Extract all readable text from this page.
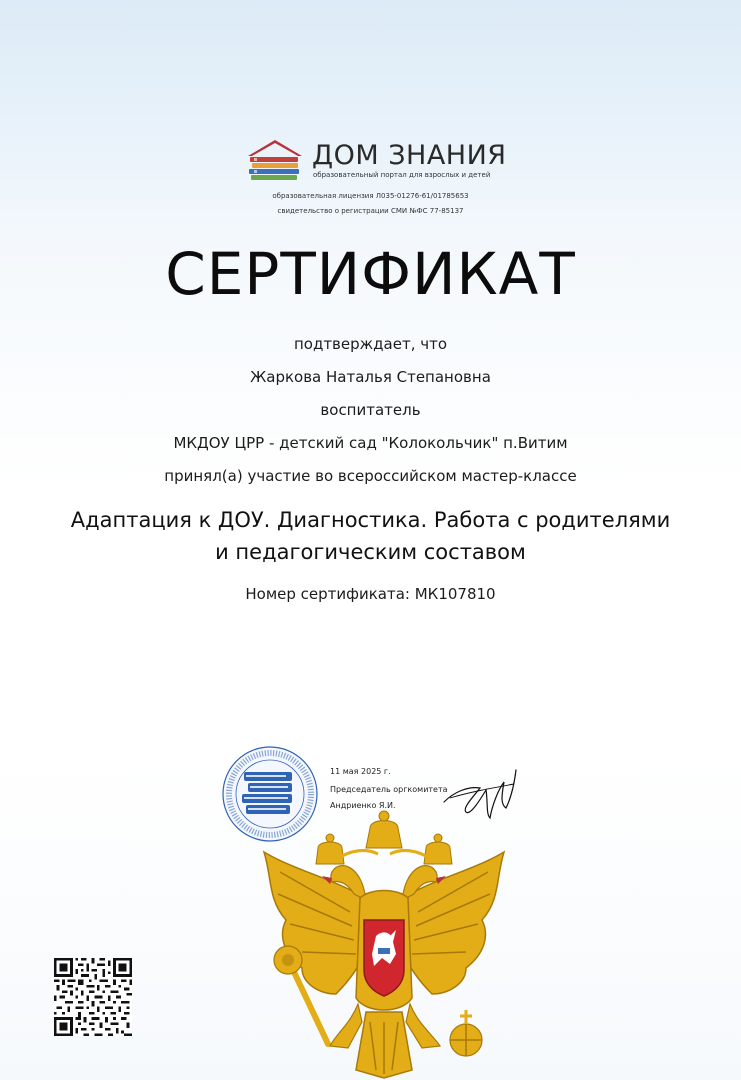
ДОМ ЗНАНИЯ
образовательный портал для взрослых и детей
образовательная лицензия Л035-01276-61/01785653
свидетельство о регистрации СМИ №ФС 77-85137
СЕРТИФИКАТ
подтверждает, что
Жаркова Наталья Степановна
воспитатель
МКДОУ ЦРР - детский сад "Колокольчик" п.Витим
принял(а) участие во всероссийском мастер-классе
Адаптация к ДОУ. Диагностика. Работа с родителями
и педагогическим составом
Номер сертификата: МК107810
11 мая 2025 г.
Председатель оргкомитета
Андриенко Я.И.
